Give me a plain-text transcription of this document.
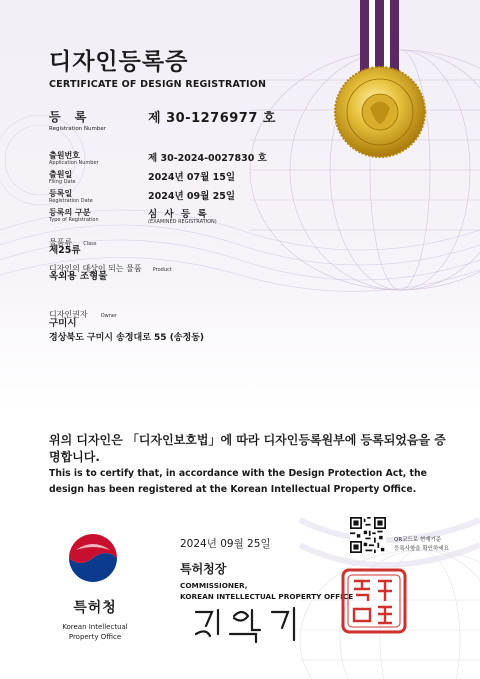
디자인등록증
CERTIFICATE OF DESIGN REGISTRATION
등 록
Registration Number
제 30-1276977 호
출원번호
Application Number	제 30-2024-0027830 호
출원일
Filing Date	2024년 07월 15일
등록일
Registration Date	2024년 09월 25일
등록의 구분
Type of Registration	심 사 등 록
(EXAMINED REGISTRATION)
물품류 Class
제25류
디자인의 대상이 되는 물품 Product
옥외용 조형물
디자인권자	Owner
구미시
경상북도 구미시 송정대로 55 (송정동)
위의 디자인은 「디자인보호법」에 따라 디자인등록원부에 등록되었음을 증명합니다.
This is to certify that, in accordance with the Design Protection Act, the design has been registered at the Korean Intellectual Property Office.
특허청
Korean Intellectual
Property Office
2024년 09월 25일
특허청장
COMMISSIONER,
KOREAN INTELLECTUAL PROPERTY OFFICE
QR코드로 현재기준
등록사항을 확인하세요
